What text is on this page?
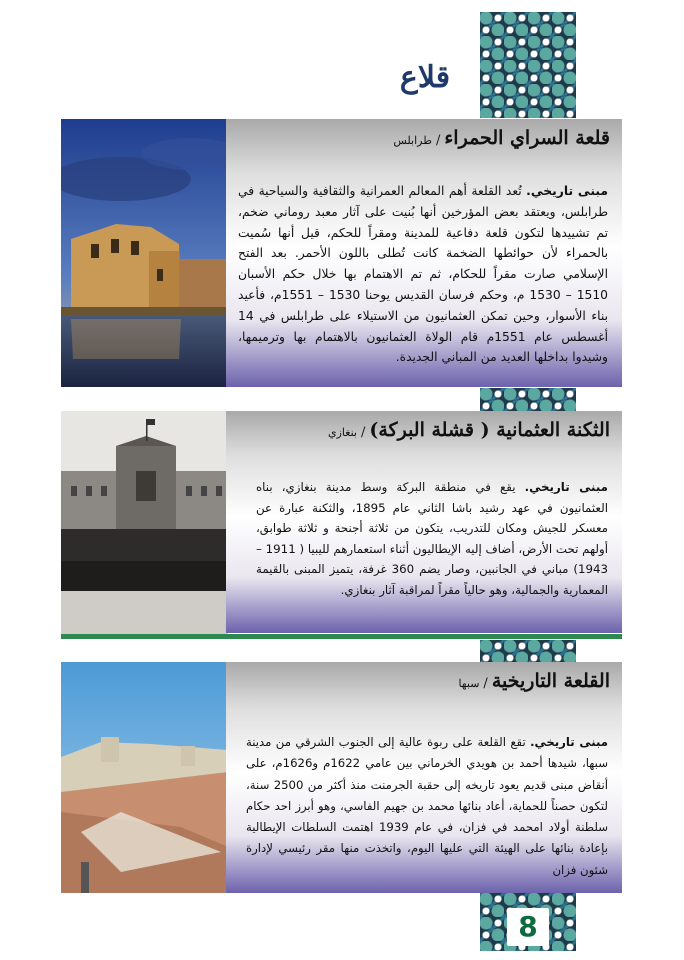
قلاع
قلعة السراي الحمراء/طرابلس
مبنى تاريخي. تُعد القلعة أهم المعالم العمرانية والثقافية والسياحية في طرابلس، ويعتقد بعض المؤرخين أنها بُنيت على آثار معبد روماني ضخم، تم تشييدها لتكون قلعة دفاعية للمدينة ومقراً للحكم، قيل أنها سُميت بالحمراء لأن حوائطها الضخمة كانت تُطلى باللون الأحمر. بعد الفتح الإسلامي صارت مقراً للحكام، ثم تم الاهتمام بها خلال حكم الأسبان 1510 – 1530 م، وحكم فرسان القديس يوحنا 1530 – 1551م، فأعيد بناء الأسوار، وحين تمكن العثمانيون من الاستيلاء على طرابلس في 14 أغسطس عام 1551م قام الولاة العثمانيون بالاهتمام بها وترميمها، وشيدوا بداخلها العديد من المباني الجديدة.
الثكنة العثمانية ( قشلة البركة)/بنغازي
مبنى تاريخي. يقع في منطقة البركة وسط مدينة بنغازي، بناه العثمانيون في عهد رشيد باشا الثاني عام 1895، والثكنة عبارة عن معسكر للجيش ومكان للتدريب، يتكون من ثلاثة أجنحة و ثلاثة طوابق، أولهم تحت الأرض، أضاف إليه الإيطاليون أثناء استعمارهم لليبيا ( 1911 – 1943) مباني في الجانبين، وصار يضم 360 غرفة، يتميز المبنى بالقيمة المعمارية والجمالية، وهو حالياً مقراً لمراقبة آثار بنغازي.
القلعة التاريخية/سبها
مبنى تاريخي. تقع القلعة على ربوة عالية إلى الجنوب الشرقي من مدينة سبها، شيدها أحمد بن هويدي الخرماني بين عامي 1622م و1626م، على أنقاض مبنى قديم يعود تاريخه إلى حقبة الجرمنت منذ أكثر من 2500 سنة، لتكون حصناً للحماية، أعاد بنائها محمد بن جهيم الفاسي، وهو أبرز احد حكام سلطنة أولاد امحمد في فزان، في عام 1939 اهتمت السلطات الإيطالية بإعادة بنائها على الهيئة التي عليها اليوم، واتخذت منها مقر رئيسي لإدارة شئون فزان
8
